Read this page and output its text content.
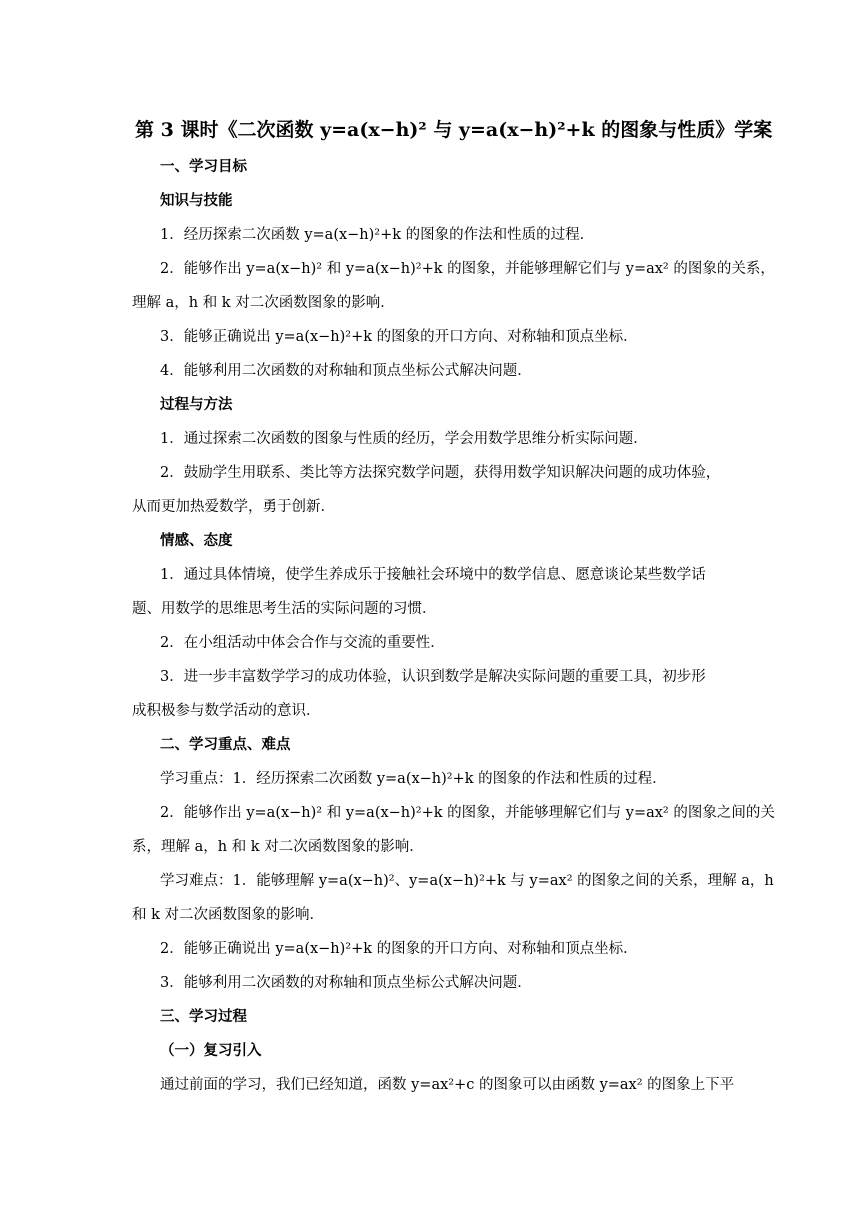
第 3 课时《二次函数 y=a(x−h)² 与 y=a(x−h)²+k 的图象与性质》学案
一、学习目标
知识与技能
1．经历探索二次函数 y=a(x−h)²+k 的图象的作法和性质的过程．
2．能够作出 y=a(x−h)² 和 y=a(x−h)²+k 的图象，并能够理解它们与 y=ax² 的图象的关系，
理解 a，h 和 k 对二次函数图象的影响．
3．能够正确说出 y=a(x−h)²+k 的图象的开口方向、对称轴和顶点坐标．
4．能够利用二次函数的对称轴和顶点坐标公式解决问题．
过程与方法
1．通过探索二次函数的图象与性质的经历，学会用数学思维分析实际问题．
2．鼓励学生用联系、类比等方法探究数学问题，获得用数学知识解决问题的成功体验，
从而更加热爱数学，勇于创新．
情感、态度
1．通过具体情境，使学生养成乐于接触社会环境中的数学信息、愿意谈论某些数学话
题、用数学的思维思考生活的实际问题的习惯．
2．在小组活动中体会合作与交流的重要性．
3．进一步丰富数学学习的成功体验，认识到数学是解决实际问题的重要工具，初步形
成积极参与数学活动的意识．
二、学习重点、难点
学习重点：1．经历探索二次函数 y=a(x−h)²+k 的图象的作法和性质的过程．
2．能够作出 y=a(x−h)² 和 y=a(x−h)²+k 的图象，并能够理解它们与 y=ax² 的图象之间的关
系，理解 a，h 和 k 对二次函数图象的影响．
学习难点：1．能够理解 y=a(x−h)²、y=a(x−h)²+k 与 y=ax² 的图象之间的关系，理解 a，h
和 k 对二次函数图象的影响．
2．能够正确说出 y=a(x−h)²+k 的图象的开口方向、对称轴和顶点坐标．
3．能够利用二次函数的对称轴和顶点坐标公式解决问题．
三、学习过程
（一）复习引入
通过前面的学习，我们已经知道，函数 y=ax²+c 的图象可以由函数 y=ax² 的图象上下平
